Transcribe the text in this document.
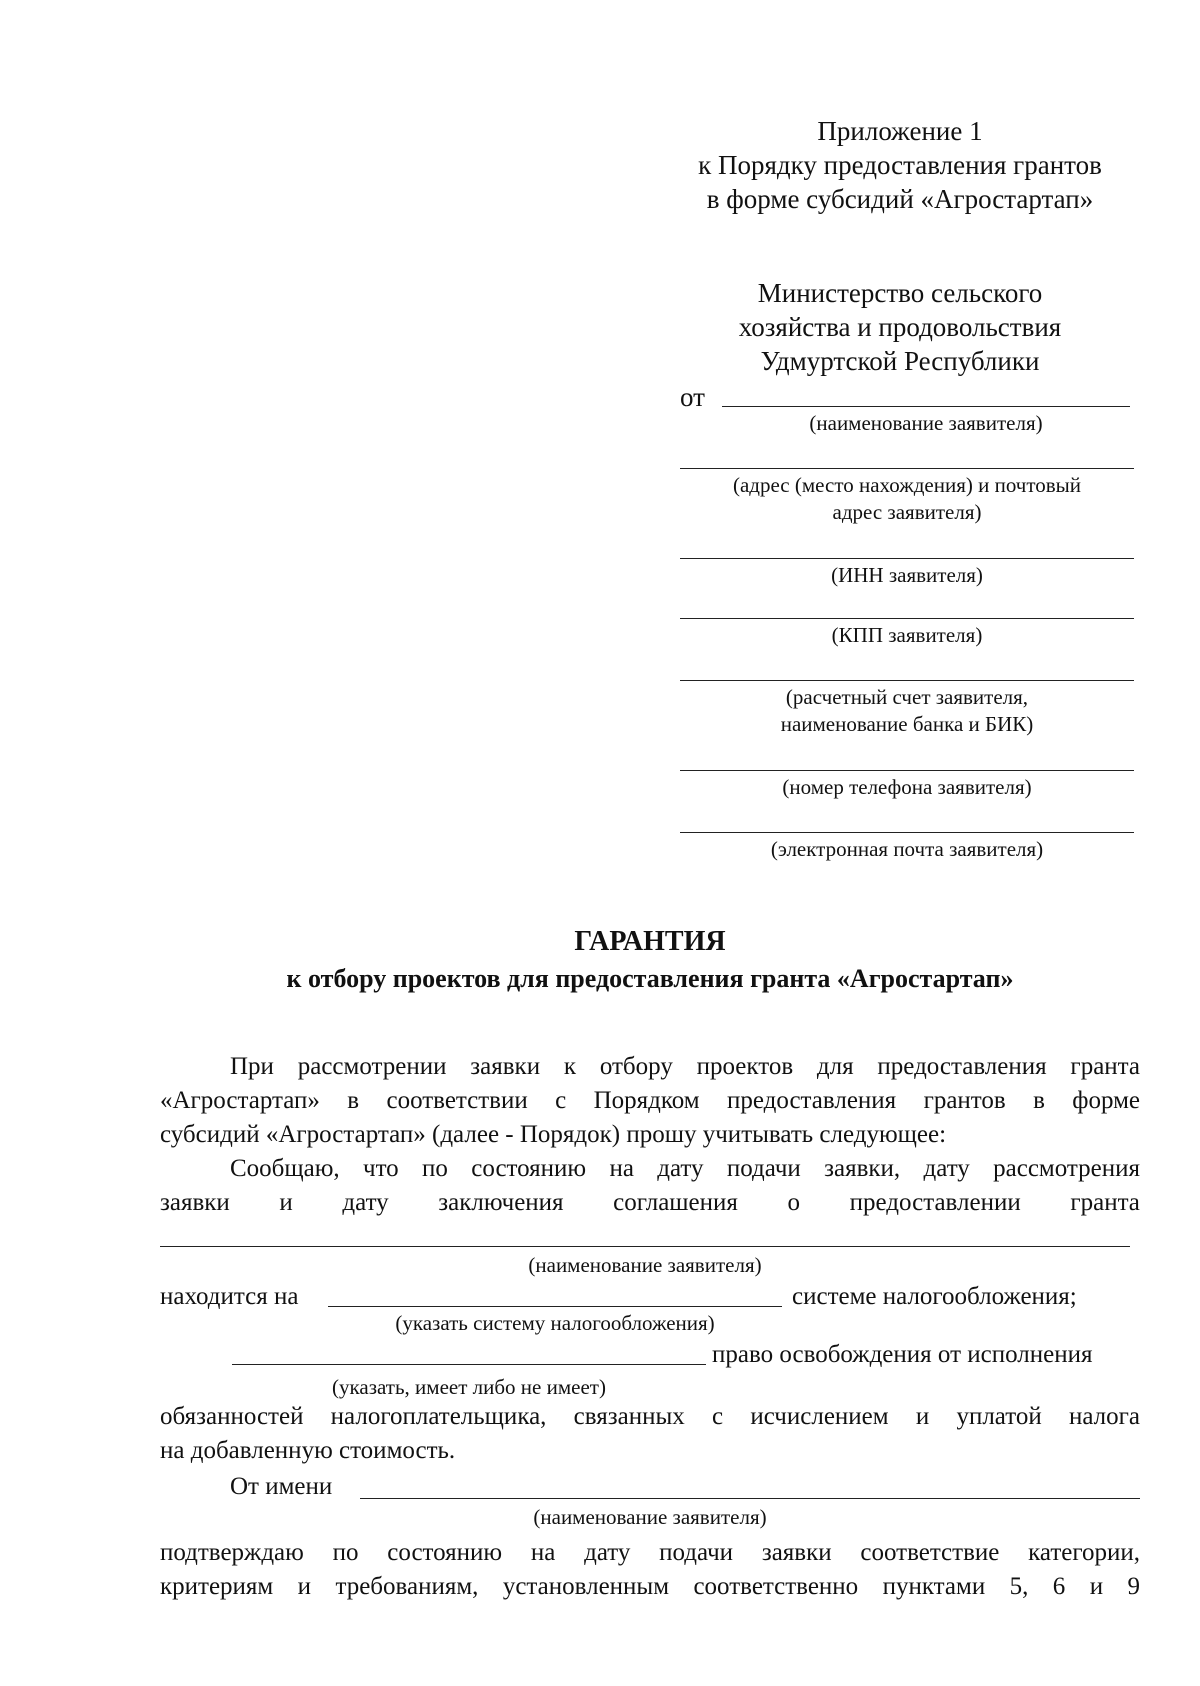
Приложение 1
к Порядку предоставления грантов
в форме субсидий «Агростартап»
Министерство сельского
хозяйства и продовольствия
Удмуртской Республики
от
(наименование заявителя)
(адрес (место нахождения) и почтовый
адрес заявителя)
(ИНН заявителя)
(КПП заявителя)
(расчетный счет заявителя,
наименование банка и БИК)
(номер телефона заявителя)
(электронная почта заявителя)
ГАРАНТИЯ
к отбору проектов для предоставления гранта «Агростартап»
При рассмотрении заявки к отбору проектов для предоставления гранта
«Агростартап» в соответствии с Порядком предоставления грантов в форме
субсидий «Агростартап» (далее - Порядок) прошу учитывать следующее:
Сообщаю, что по состоянию на дату подачи заявки, дату рассмотрения
заявки и дату заключения соглашения о предоставлении гранта
(наименование заявителя)
находится на	системе налогообложения;
(указать систему налогообложения)
право освобождения от исполнения
(указать, имеет либо не имеет)
обязанностей налогоплательщика, связанных с исчислением и уплатой налога
на добавленную стоимость.
От имени
(наименование заявителя)
подтверждаю по состоянию на дату подачи заявки соответствие категории,
критериям и требованиям, установленным соответственно пунктами 5, 6 и 9
